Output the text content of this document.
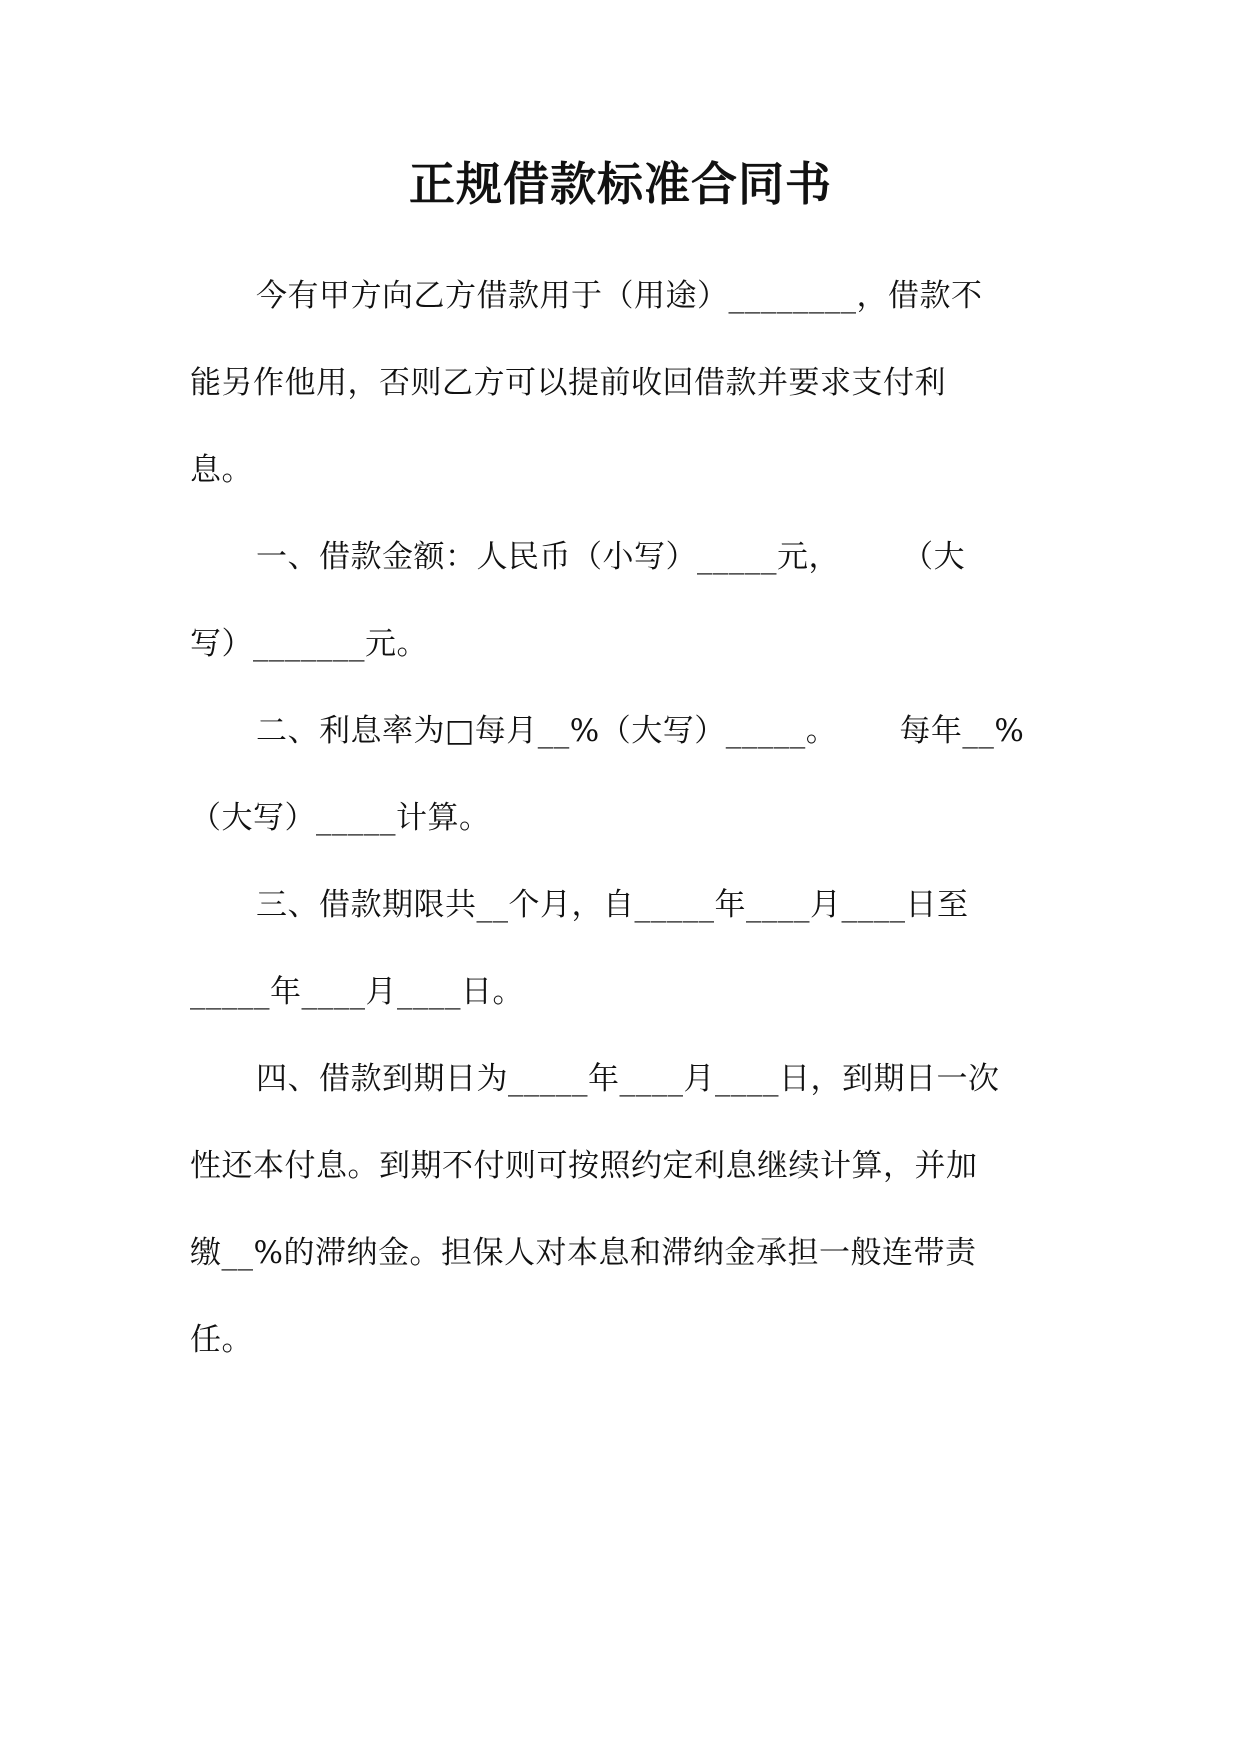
正规借款标准合同书
今有甲方向乙方借款用于（用途）________，借款不
能另作他用，否则乙方可以提前收回借款并要求支付利
息。
一、借款金额：人民币（小写）_____元，      （大
写）_______元。
二、利息率为□每月__%（大写）_____。      每年__%
（大写）_____计算。
三、借款期限共__个月，自_____年____月____日至
_____年____月____日。
四、借款到期日为_____年____月____日，到期日一次
性还本付息。到期不付则可按照约定利息继续计算，并加
缴__%的滞纳金。担保人对本息和滞纳金承担一般连带责
任。
